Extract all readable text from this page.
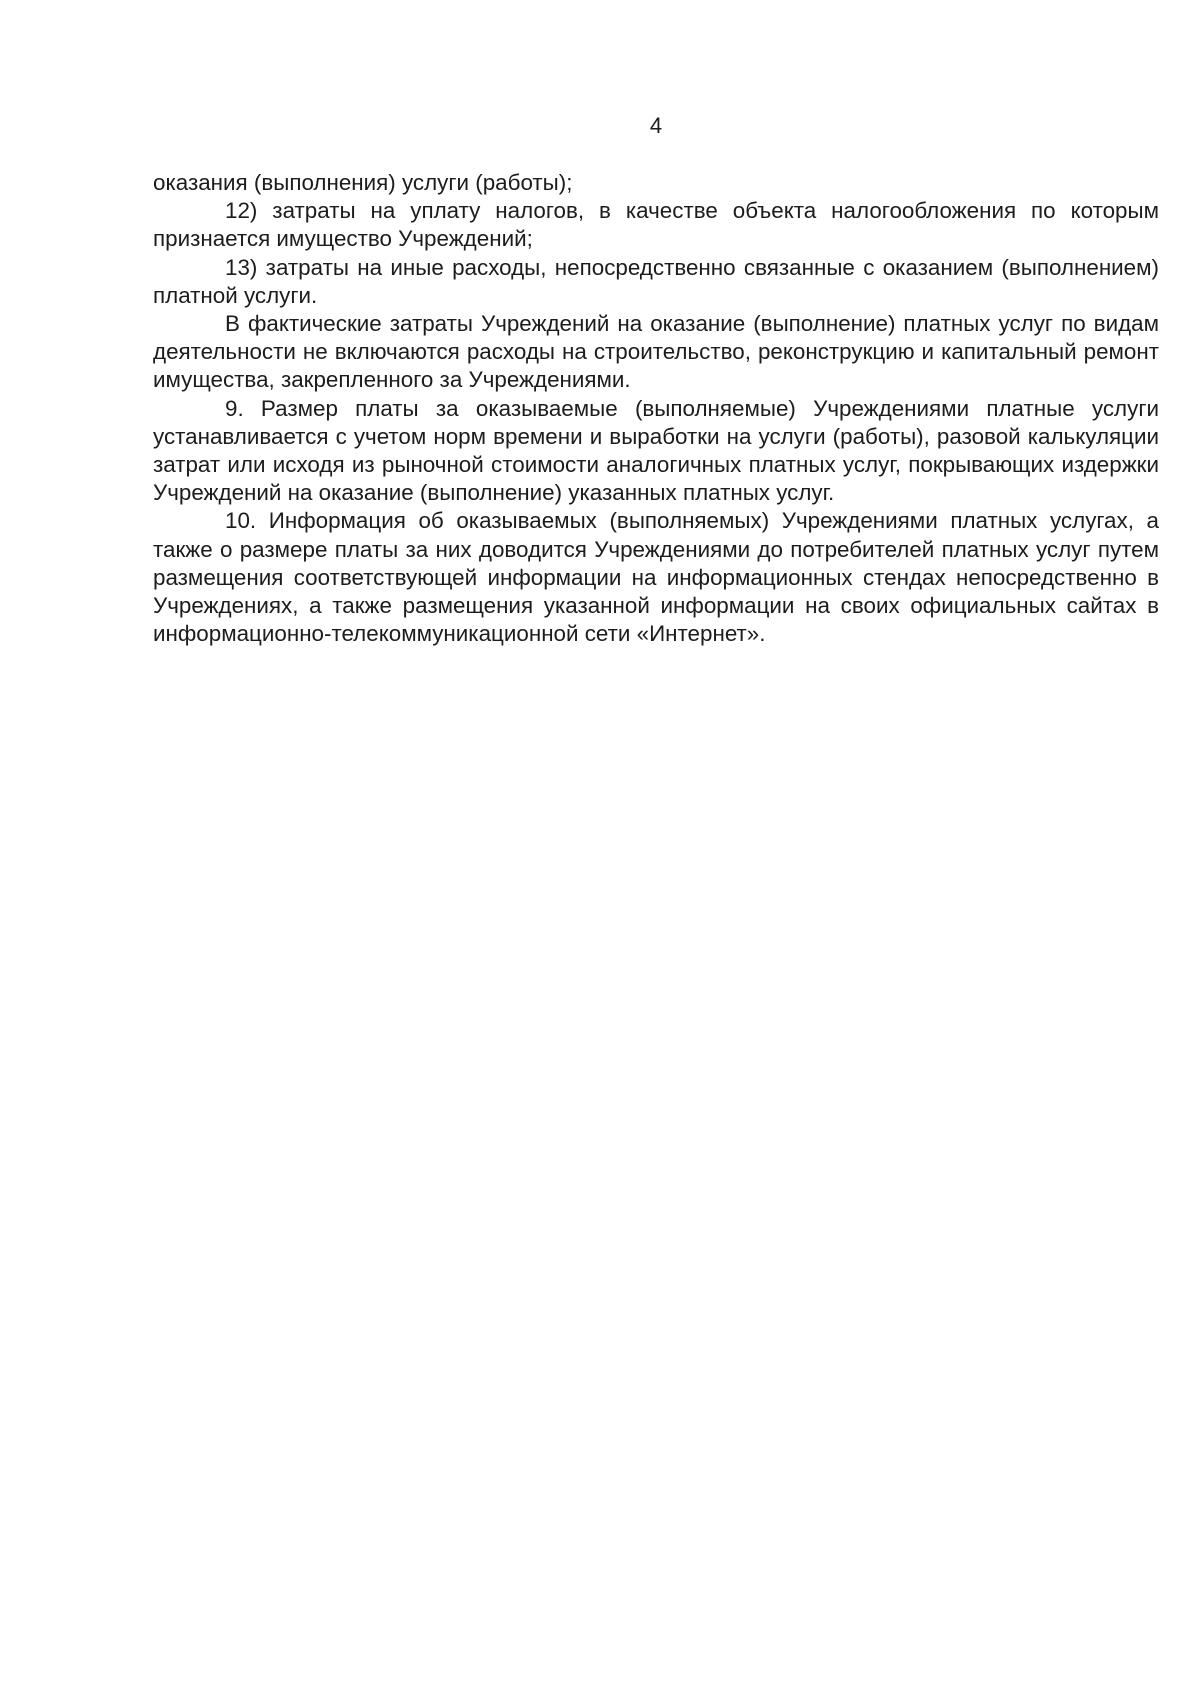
4

оказания (выполнения) услуги (работы);

12) затраты на уплату налогов, в качестве объекта налогообложения по которым признается имущество Учреждений;

13) затраты на иные расходы, непосредственно связанные с оказанием (выполнением) платной услуги.

В фактические затраты Учреждений на оказание (выполнение) платных услуг по видам деятельности не включаются расходы на строительство, реконструкцию и капитальный ремонт имущества, закрепленного за Учреждениями.

9. Размер платы за оказываемые (выполняемые) Учреждениями платные услуги устанавливается с учетом норм времени и выработки на услуги (работы), разовой калькуляции затрат или исходя из рыночной стоимости аналогичных платных услуг, покрывающих издержки Учреждений на оказание (выполнение) указанных платных услуг.

10. Информация об оказываемых (выполняемых) Учреждениями платных услугах, а также о размере платы за них доводится Учреждениями до потребителей платных услуг путем размещения соответствующей информации на информационных стендах непосредственно в Учреждениях, а также размещения указанной информации на своих официальных сайтах в информационно-телекоммуникационной сети «Интернет».
